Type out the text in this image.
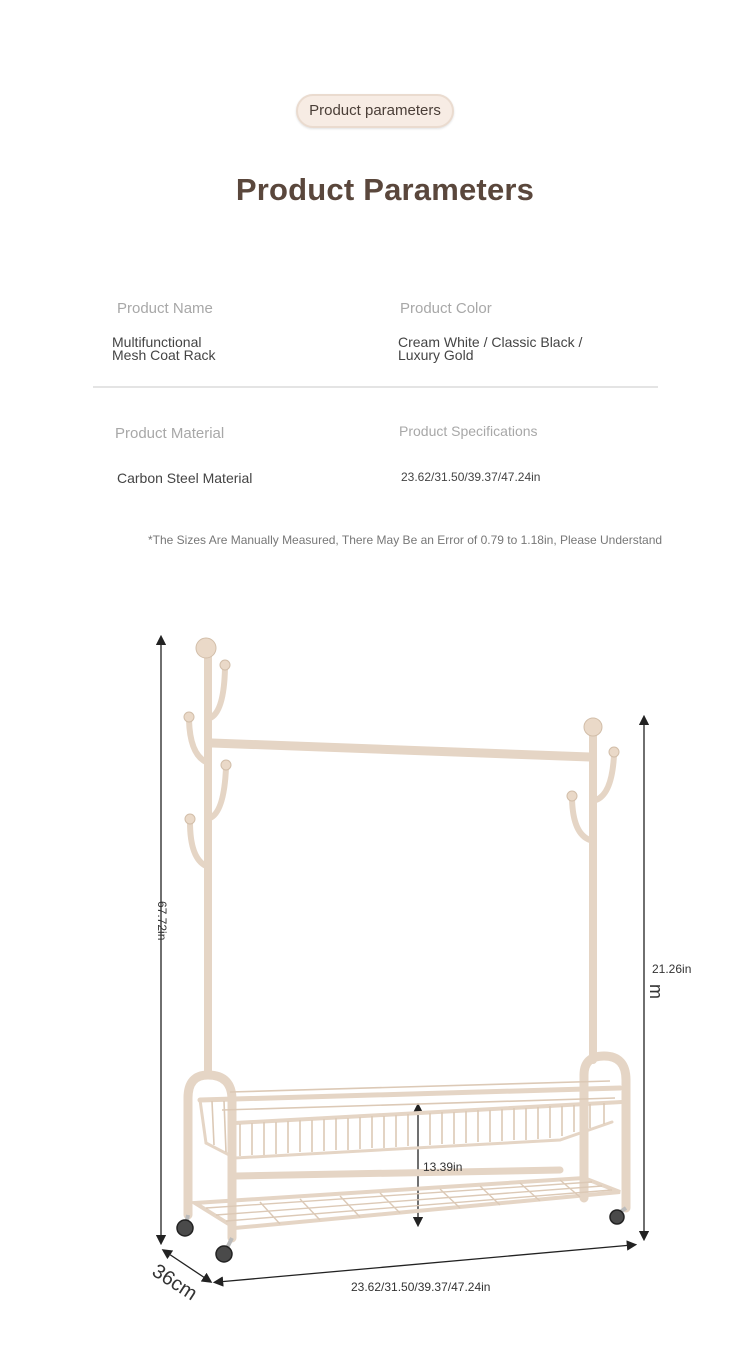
Product parameters
Product Parameters
Product Name
Multifunctional
Mesh Coat Rack
Product Color
Cream White / Classic Black /
Luxury Gold
Product Material
Carbon Steel Material
Product Specifications
23.62/31.50/39.37/47.24in
*The Sizes Are Manually Measured, There May Be an Error of 0.79 to 1.18in, Please Understand
67.72in
21.26in
m
13.39in
36cm	23.62/31.50/39.37/47.24in
